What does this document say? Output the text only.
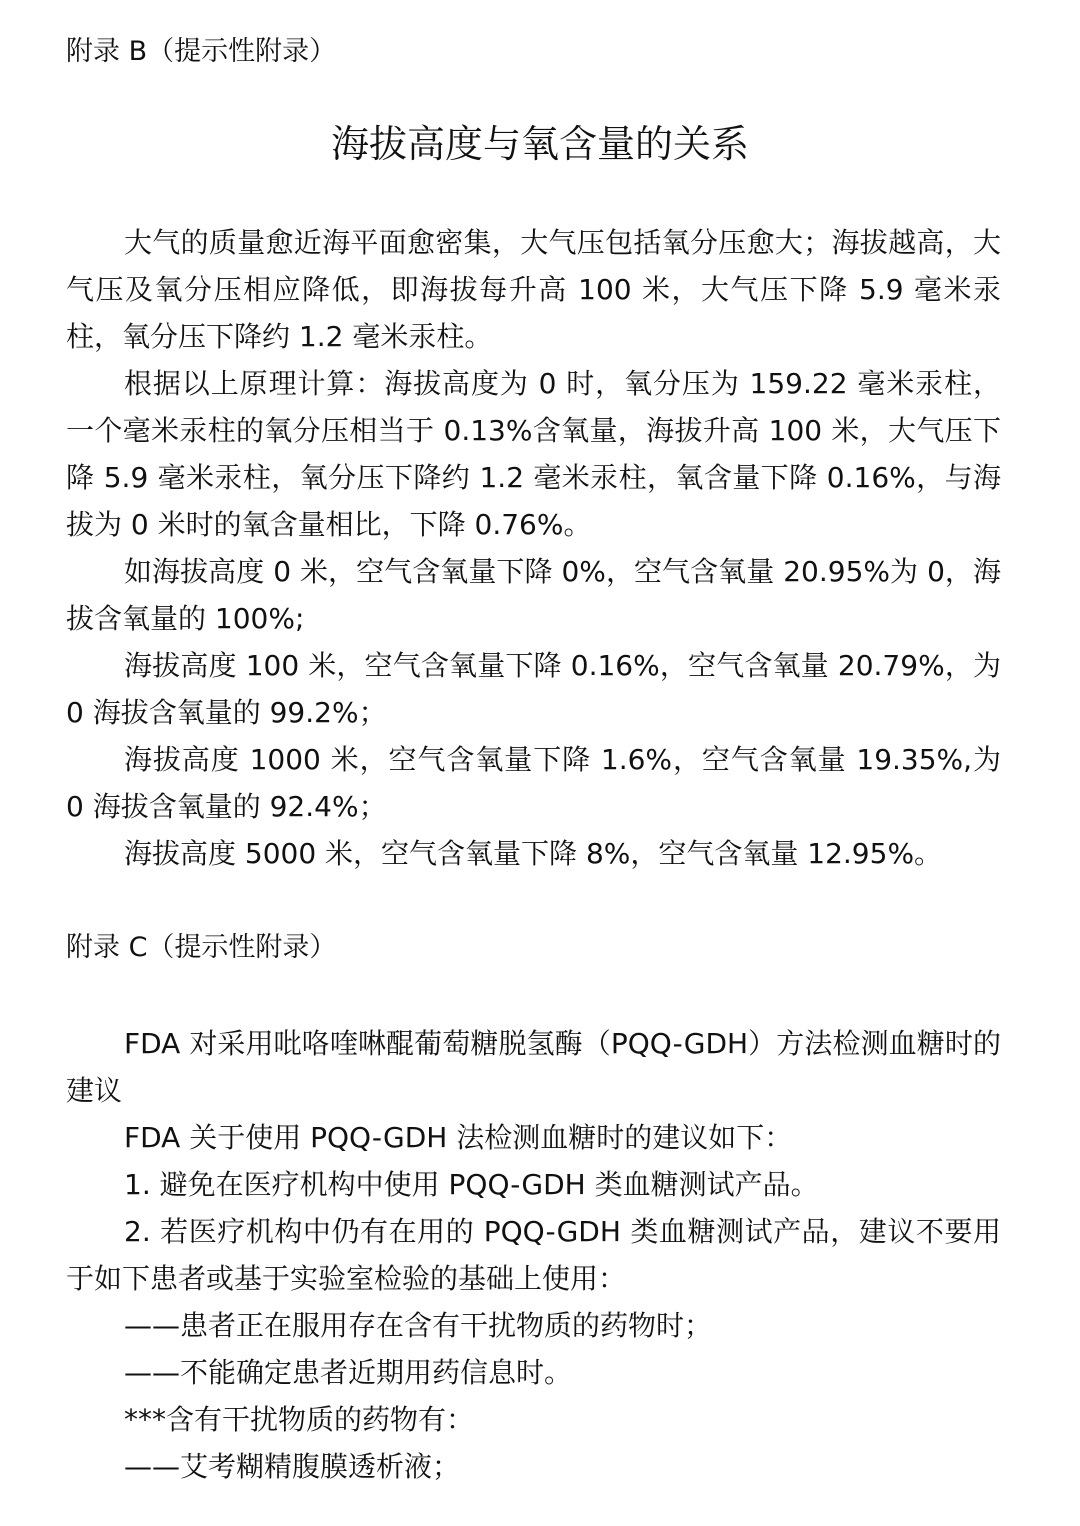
附录 B（提示性附录）
海拔高度与氧含量的关系

大气的质量愈近海平面愈密集，大气压包括氧分压愈大；海拔越高，大气压及氧分压相应降低，即海拔每升高 100 米，大气压下降 5.9 毫米汞柱，氧分压下降约 1.2 毫米汞柱。

根据以上原理计算：海拔高度为 0 时，氧分压为 159.22 毫米汞柱，一个毫米汞柱的氧分压相当于 0.13%含氧量，海拔升高 100 米，大气压下降 5.9 毫米汞柱，氧分压下降约 1.2 毫米汞柱，氧含量下降 0.16%，与海拔为 0 米时的氧含量相比，下降 0.76%。

如海拔高度 0 米，空气含氧量下降 0%，空气含氧量 20.95%为 0，海拔含氧量的 100%;

海拔高度 100 米，空气含氧量下降 0.16%，空气含氧量 20.79%，为 0 海拔含氧量的 99.2%；

海拔高度 1000 米，空气含氧量下降 1.6%，空气含氧量 19.35%,为 0 海拔含氧量的 92.4%；

海拔高度 5000 米，空气含氧量下降 8%，空气含氧量 12.95%。

附录 C（提示性附录）

FDA 对采用吡咯喹啉醌葡萄糖脱氢酶（PQQ-GDH）方法检测血糖时的建议

FDA 关于使用 PQQ-GDH 法检测血糖时的建议如下：

1. 避免在医疗机构中使用 PQQ-GDH 类血糖测试产品。

2. 若医疗机构中仍有在用的 PQQ-GDH 类血糖测试产品，建议不要用于如下患者或基于实验室检验的基础上使用：

——患者正在服用存在含有干扰物质的药物时；

——不能确定患者近期用药信息时。

***含有干扰物质的药物有：

——艾考糊精腹膜透析液；
